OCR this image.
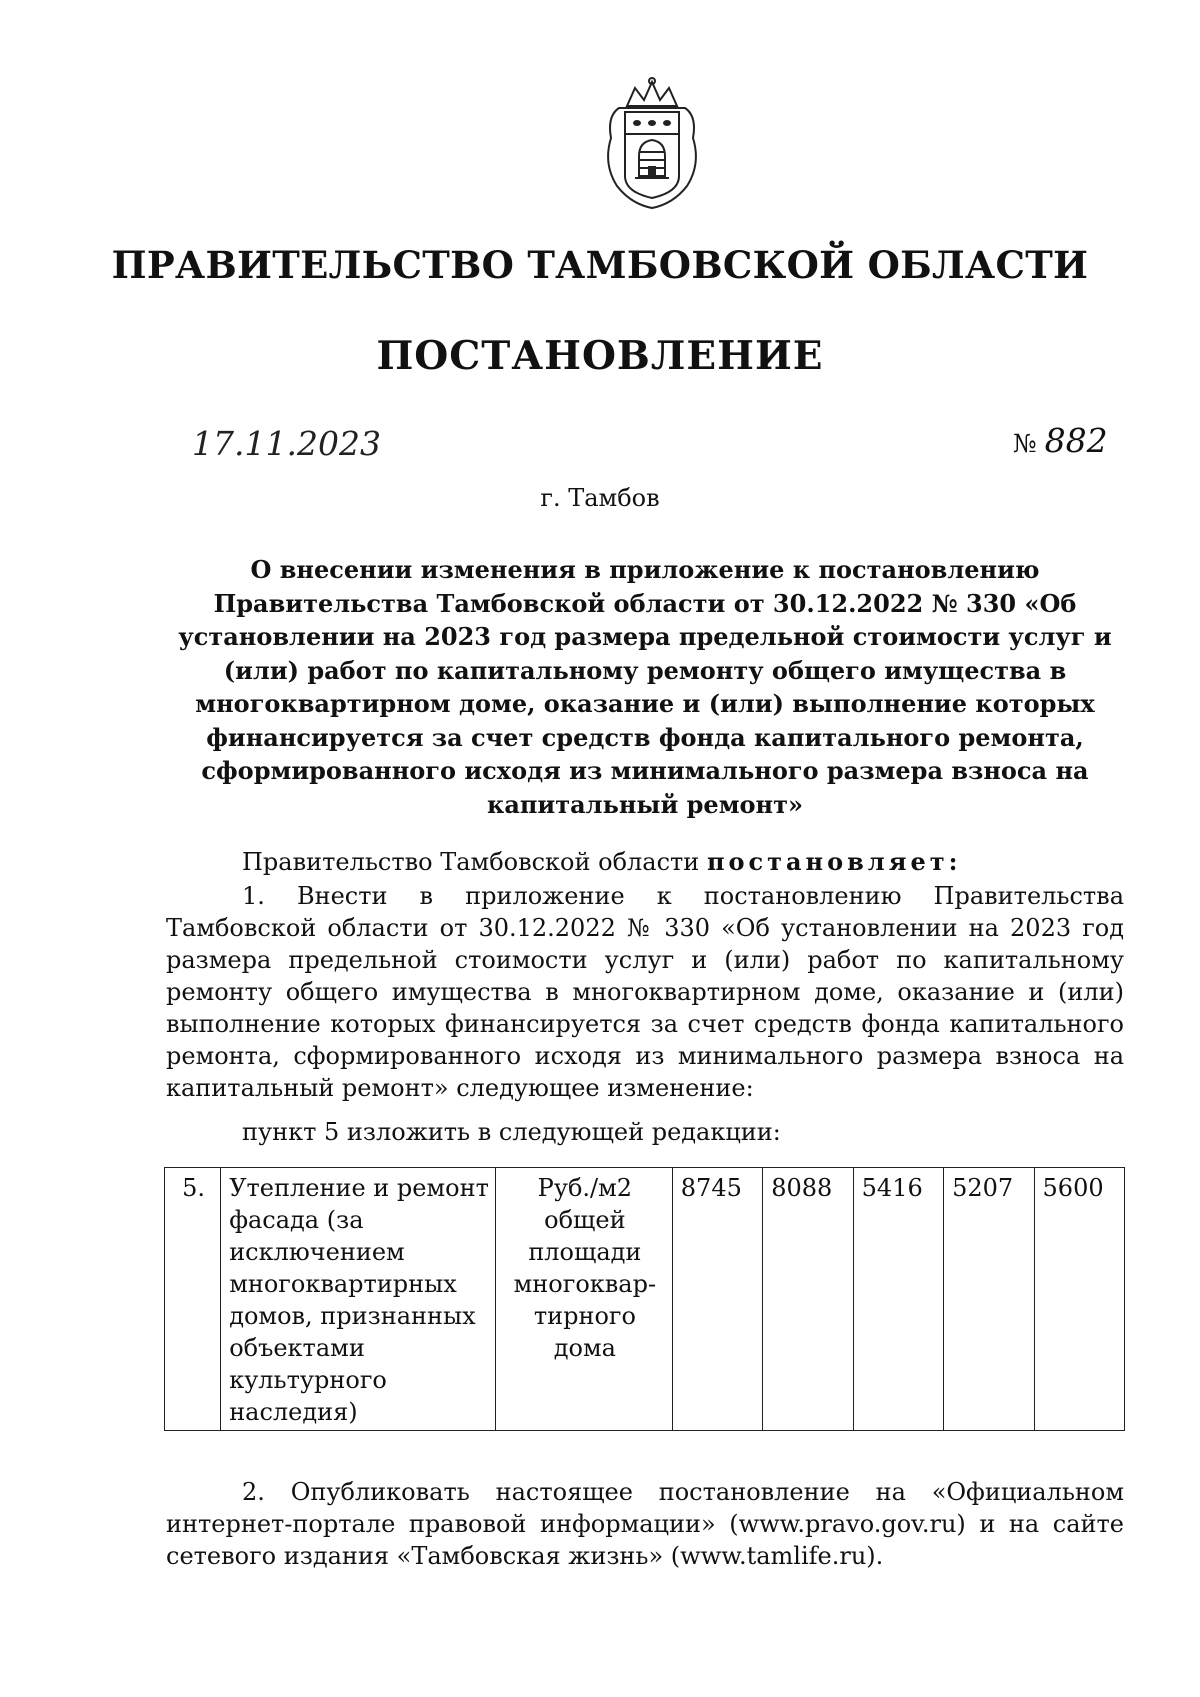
ПРАВИТЕЛЬСТВО ТАМБОВСКОЙ ОБЛАСТИ
ПОСТАНОВЛЕНИЕ
17.11.2023	№ 882
г. Тамбов
О внесении изменения в приложение к постановлению Правительства Тамбовской области от 30.12.2022 № 330 «Об установлении на 2023 год размера предельной стоимости услуг и (или) работ по капитальному ремонту общего имущества в многоквартирном доме, оказание и (или) выполнение которых финансируется за счет средств фонда капитального ремонта, сформированного исходя из минимального размера взноса на капитальный ремонт»
Правительство Тамбовской области постановляет:
1. Внести в приложение к постановлению Правительства Тамбовской области от 30.12.2022 № 330 «Об установлении на 2023 год размера предельной стоимости услуг и (или) работ по капитальному ремонту общего имущества в многоквартирном доме, оказание и (или) выполнение которых финансируется за счет средств фонда капитального ремонта, сформированного исходя из минимального размера взноса на капитальный ремонт» следующее изменение:
пункт 5 изложить в следующей редакции:
5.	Утепление и ремонт фасада (за исключением многоквартирных домов, признанных объектами культурного наследия)	Руб./м2 общей площади многоквар-тирного дома	8745	8088	5416	5207	5600
2. Опубликовать настоящее постановление на «Официальном интернет-портале правовой информации» (www.pravo.gov.ru) и на сайте сетевого издания «Тамбовская жизнь» (www.tamlife.ru).
